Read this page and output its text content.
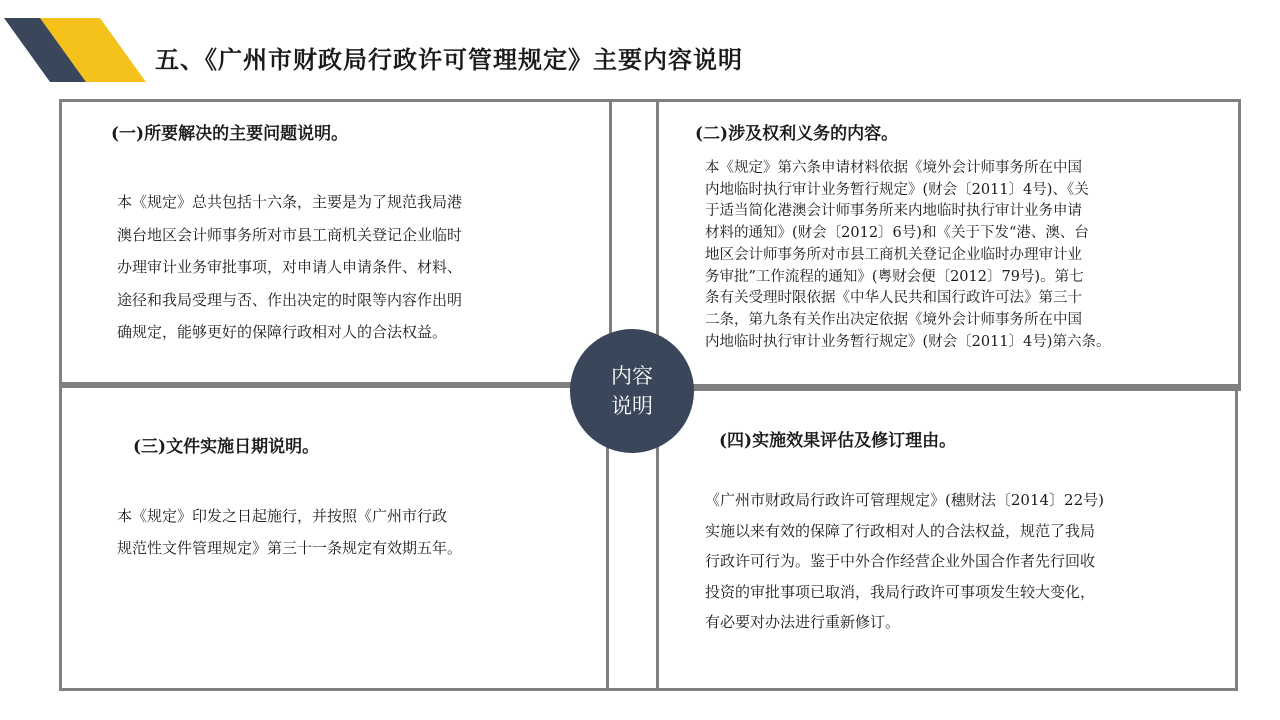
五、《广州市财政局行政许可管理规定》主要内容说明
(一)所要解决的主要问题说明。

本《规定》总共包括十六条，主要是为了规范我局港

澳台地区会计师事务所对市县工商机关登记企业临时

办理审计业务审批事项，对申请人申请条件、材料、

途径和我局受理与否、作出决定的时限等内容作出明

确规定，能够更好的保障行政相对人的合法权益。

(二)涉及权利义务的内容。

本《规定》第六条申请材料依据《境外会计师事务所在中国

内地临时执行审计业务暂行规定》(财会〔2011〕4号)、《关

于适当简化港澳会计师事务所来内地临时执行审计业务申请

材料的通知》(财会〔2012〕6号)和《关于下发“港、澳、台

地区会计师事务所对市县工商机关登记企业临时办理审计业

务审批”工作流程的通知》(粤财会便〔2012〕79号)。第七

条有关受理时限依据《中华人民共和国行政许可法》第三十

二条，第九条有关作出决定依据《境外会计师事务所在中国

内地临时执行审计业务暂行规定》(财会〔2011〕4号)第六条。

(三)文件实施日期说明。

本《规定》印发之日起施行，并按照《广州市行政

规范性文件管理规定》第三十一条规定有效期五年。

(四)实施效果评估及修订理由。

《广州市财政局行政许可管理规定》(穗财法〔2014〕22号)

实施以来有效的保障了行政相对人的合法权益，规范了我局

行政许可行为。鉴于中外合作经营企业外国合作者先行回收

投资的审批事项已取消，我局行政许可事项发生较大变化，

有必要对办法进行重新修订。

内容
说明
